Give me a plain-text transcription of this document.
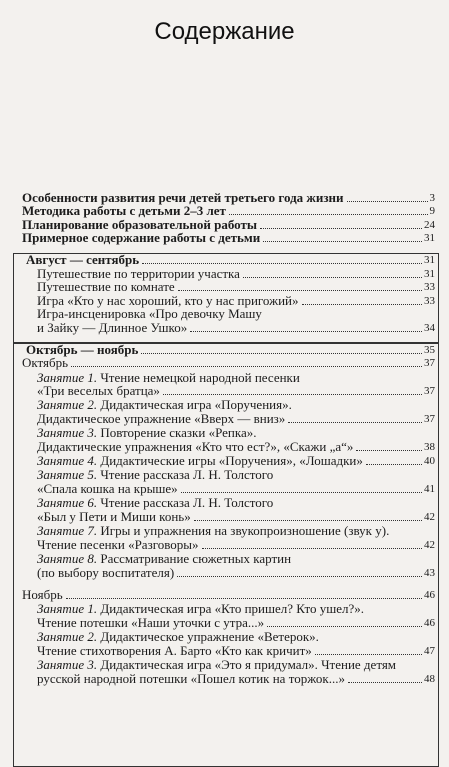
Содержание
Особенности развития речи детей третьего года жизни	3
Методика работы с детьми 2–3 лет	9
Планирование образовательной работы	24
Примерное содержание работы с детьми	31
Август — сентябрь	31
Путешествие по территории участка	31
Путешествие по комнате	33
Игра «Кто у нас хороший, кто у нас пригожий»	33
Игра-инсценировка «Про девочку Машу
и Зайку — Длинное Ушко»	34
Октябрь — ноябрь	35
Октябрь	37
Занятие 1. Чтение немецкой народной песенки
«Три веселых братца»	37
Занятие 2. Дидактическая игра «Поручения».
Дидактическое упражнение «Вверх — вниз»	37
Занятие 3. Повторение сказки «Репка».
Дидактические упражнения «Кто что ест?», «Скажи „а“»	38
Занятие 4. Дидактические игры «Поручения», «Лошадки»	40
Занятие 5. Чтение рассказа Л. Н. Толстого
«Спала кошка на крыше»	41
Занятие 6. Чтение рассказа Л. Н. Толстого
«Был у Пети и Миши конь»	42
Занятие 7. Игры и упражнения на звукопроизношение (звук у).
Чтение песенки «Разговоры»	42
Занятие 8. Рассматривание сюжетных картин
(по выбору воспитателя)	43
Ноябрь	46
Занятие 1. Дидактическая игра «Кто пришел? Кто ушел?».
Чтение потешки «Наши уточки с утра...»	46
Занятие 2. Дидактическое упражнение «Ветерок».
Чтение стихотворения А. Барто «Кто как кричит»	47
Занятие 3. Дидактическая игра «Это я придумал». Чтение детям
русской народной потешки «Пошел котик на торжок...»	48
